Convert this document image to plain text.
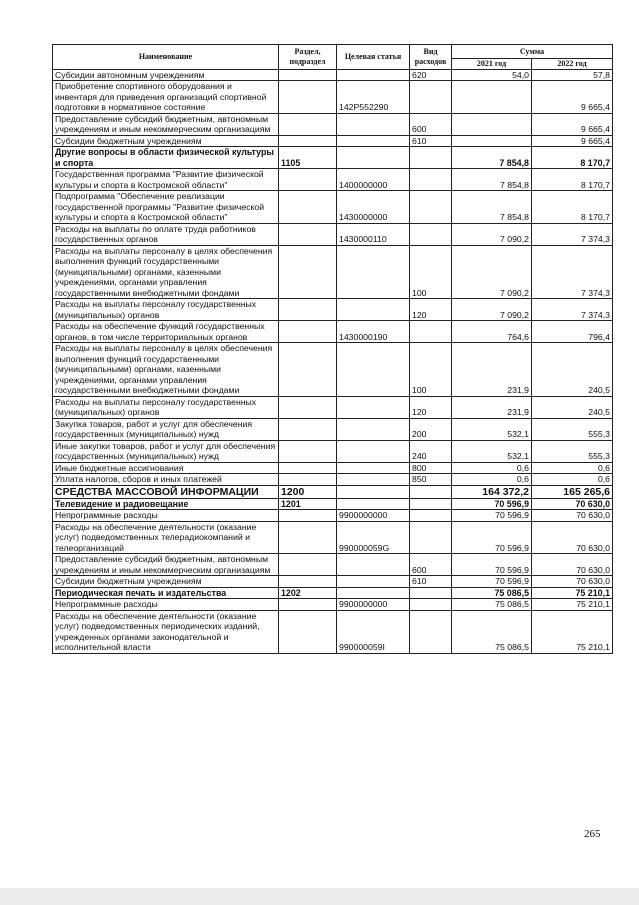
Наименование	Раздел, подраздел	Целевая статья	Вид расходов	Сумма	
				2021 год	2022 год
Субсидии автономным учреждениям			620	54,0	57,8
Приобретение спортивного оборудования и инвентаря для приведения организаций спортивной подготовки в нормативное состояние		142P552290			9 665,4
Предоставление субсидий бюджетным, автономным учреждениям и иным некоммерческим организациям			600		9 665,4
Субсидии бюджетным учреждениям			610		9 665,4
Другие вопросы в области физической культуры и спорта	1105			7 854,8	8 170,7
Государственная программа "Развитие физической культуры и спорта в Костромской области"		1400000000		7 854,8	8 170,7
Подпрограмма "Обеспечение реализации государственной программы "Развитие физической культуры и спорта в Костромской области"		1430000000		7 854,8	8 170,7
Расходы на выплаты по оплате труда работников государственных органов		1430000110		7 090,2	7 374,3
Расходы на выплаты персоналу в целях обеспечения выполнения функций государственными (муниципальными) органами, казенными учреждениями, органами управления государственными внебюджетными фондами			100	7 090,2	7 374,3
Расходы на выплаты персоналу государственных (муниципальных) органов			120	7 090,2	7 374,3
Расходы на обеспечение функций государственных органов, в том числе территориальных органов		1430000190		764,6	796,4
Расходы на выплаты персоналу в целях обеспечения выполнения функций государственными (муниципальными) органами, казенными учреждениями, органами управления государственными внебюджетными фондами			100	231,9	240,5
Расходы на выплаты персоналу государственных (муниципальных) органов			120	231,9	240,5
Закупка товаров, работ и услуг для обеспечения государственных (муниципальных) нужд			200	532,1	555,3
Иные закупки товаров, работ и услуг для обеспечения государственных (муниципальных) нужд			240	532,1	555,3
Иные бюджетные ассигнования			800	0,6	0,6
Уплата налогов, сборов и иных платежей			850	0,6	0,6
СРЕДСТВА МАССОВОЙ ИНФОРМАЦИИ	1200			164 372,2	165 265,6
Телевидение и радиовещание	1201			70 596,9	70 630,0
Непрограммные расходы		9900000000		70 596,9	70 630,0
Расходы на обеспечение деятельности (оказание услуг) подведомственных телерадиокомпаний и телеорганизаций		990000059G		70 596,9	70 630,0
Предоставление субсидий бюджетным, автономным учреждениям и иным некоммерческим организациям			600	70 596,9	70 630,0
Субсидии бюджетным учреждениям			610	70 596,9	70 630,0
Периодическая печать и издательства	1202			75 086,5	75 210,1
Непрограммные расходы		9900000000		75 086,5	75 210,1
Расходы на обеспечение деятельности (оказание услуг) подведомственных периодических изданий, учрежденных органами законодательной и исполнительной власти		990000059I		75 086,5	75 210,1
265
